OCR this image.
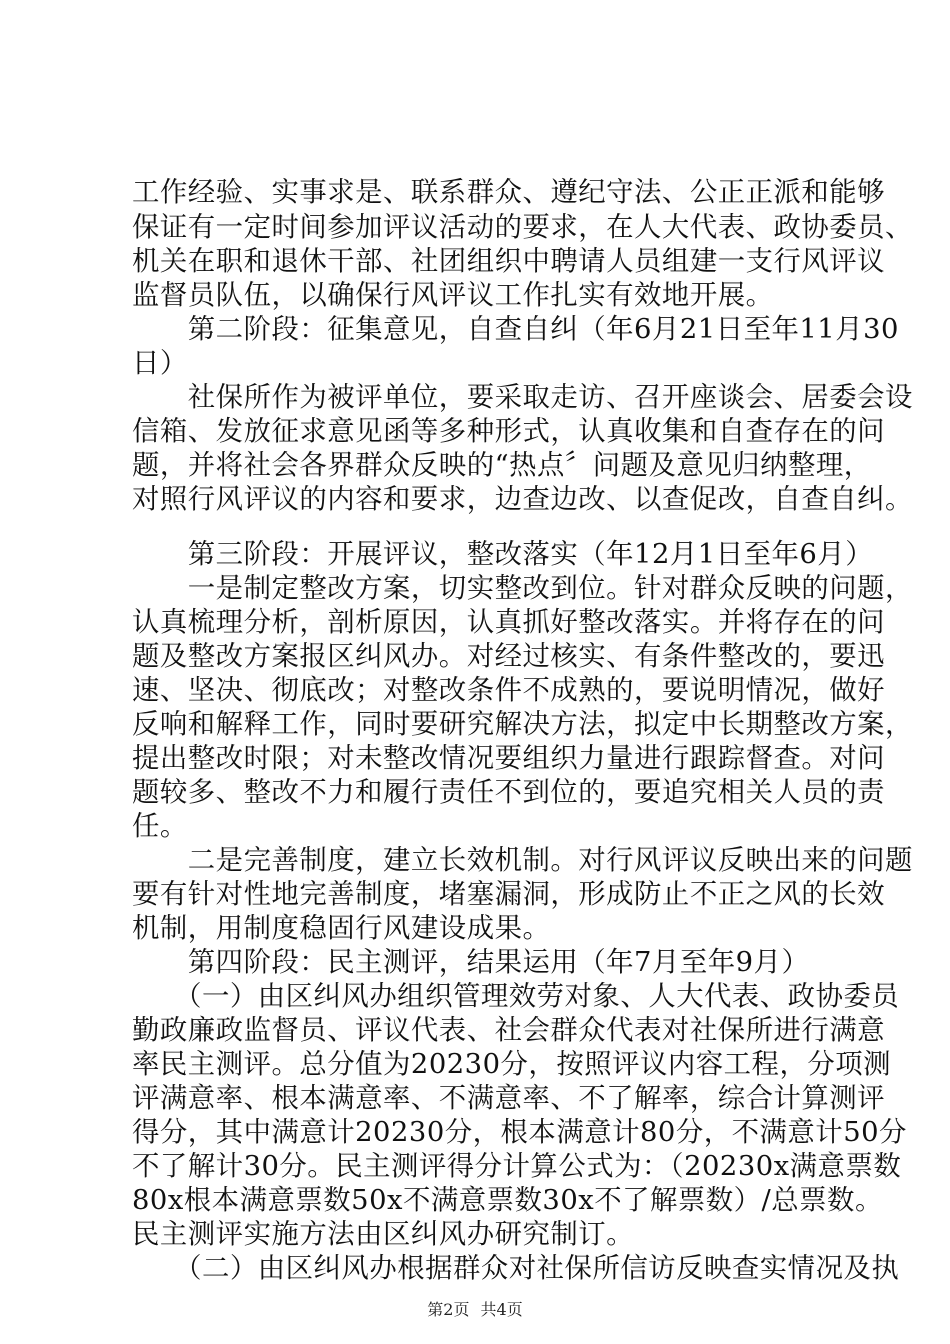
工作经验、实事求是、联系群众、遵纪守法、公正正派和能够
保证有一定时间参加评议活动的要求，在人大代表、政协委员、
机关在职和退休干部、社团组织中聘请人员组建一支行风评议
监督员队伍，以确保行风评议工作扎实有效地开展。
　　第二阶段：征集意见，自查自纠（年6月21日至年11月30
日）
　　社保所作为被评单位，要采取走访、召开座谈会、居委会设
信箱、发放征求意见函等多种形式，认真收集和自查存在的问
题，并将社会各界群众反映的“热点〞问题及意见归纳整理，
对照行风评议的内容和要求，边查边改、以查促改，自查自纠。
　　第三阶段：开展评议，整改落实（年12月1日至年6月）
　　一是制定整改方案，切实整改到位。针对群众反映的问题，
认真梳理分析，剖析原因，认真抓好整改落实。并将存在的问
题及整改方案报区纠风办。对经过核实、有条件整改的，要迅
速、坚决、彻底改；对整改条件不成熟的，要说明情况，做好
反响和解释工作，同时要研究解决方法，拟定中长期整改方案，
提出整改时限；对未整改情况要组织力量进行跟踪督查。对问
题较多、整改不力和履行责任不到位的，要追究相关人员的责
任。
　　二是完善制度，建立长效机制。对行风评议反映出来的问题
要有针对性地完善制度，堵塞漏洞，形成防止不正之风的长效
机制，用制度稳固行风建设成果。
　　第四阶段：民主测评，结果运用（年7月至年9月）
　　（一）由区纠风办组织管理效劳对象、人大代表、政协委员
勤政廉政监督员、评议代表、社会群众代表对社保所进行满意
率民主测评。总分值为20230分，按照评议内容工程，分项测
评满意率、根本满意率、不满意率、不了解率，综合计算测评
得分，其中满意计20230分，根本满意计80分，不满意计50分
不了解计30分。民主测评得分计算公式为：（20230x满意票数
80x根本满意票数50x不满意票数30x不了解票数）/总票数。
民主测评实施方法由区纠风办研究制订。
　　（二）由区纠风办根据群众对社保所信访反映查实情况及执
第2页 共4页
